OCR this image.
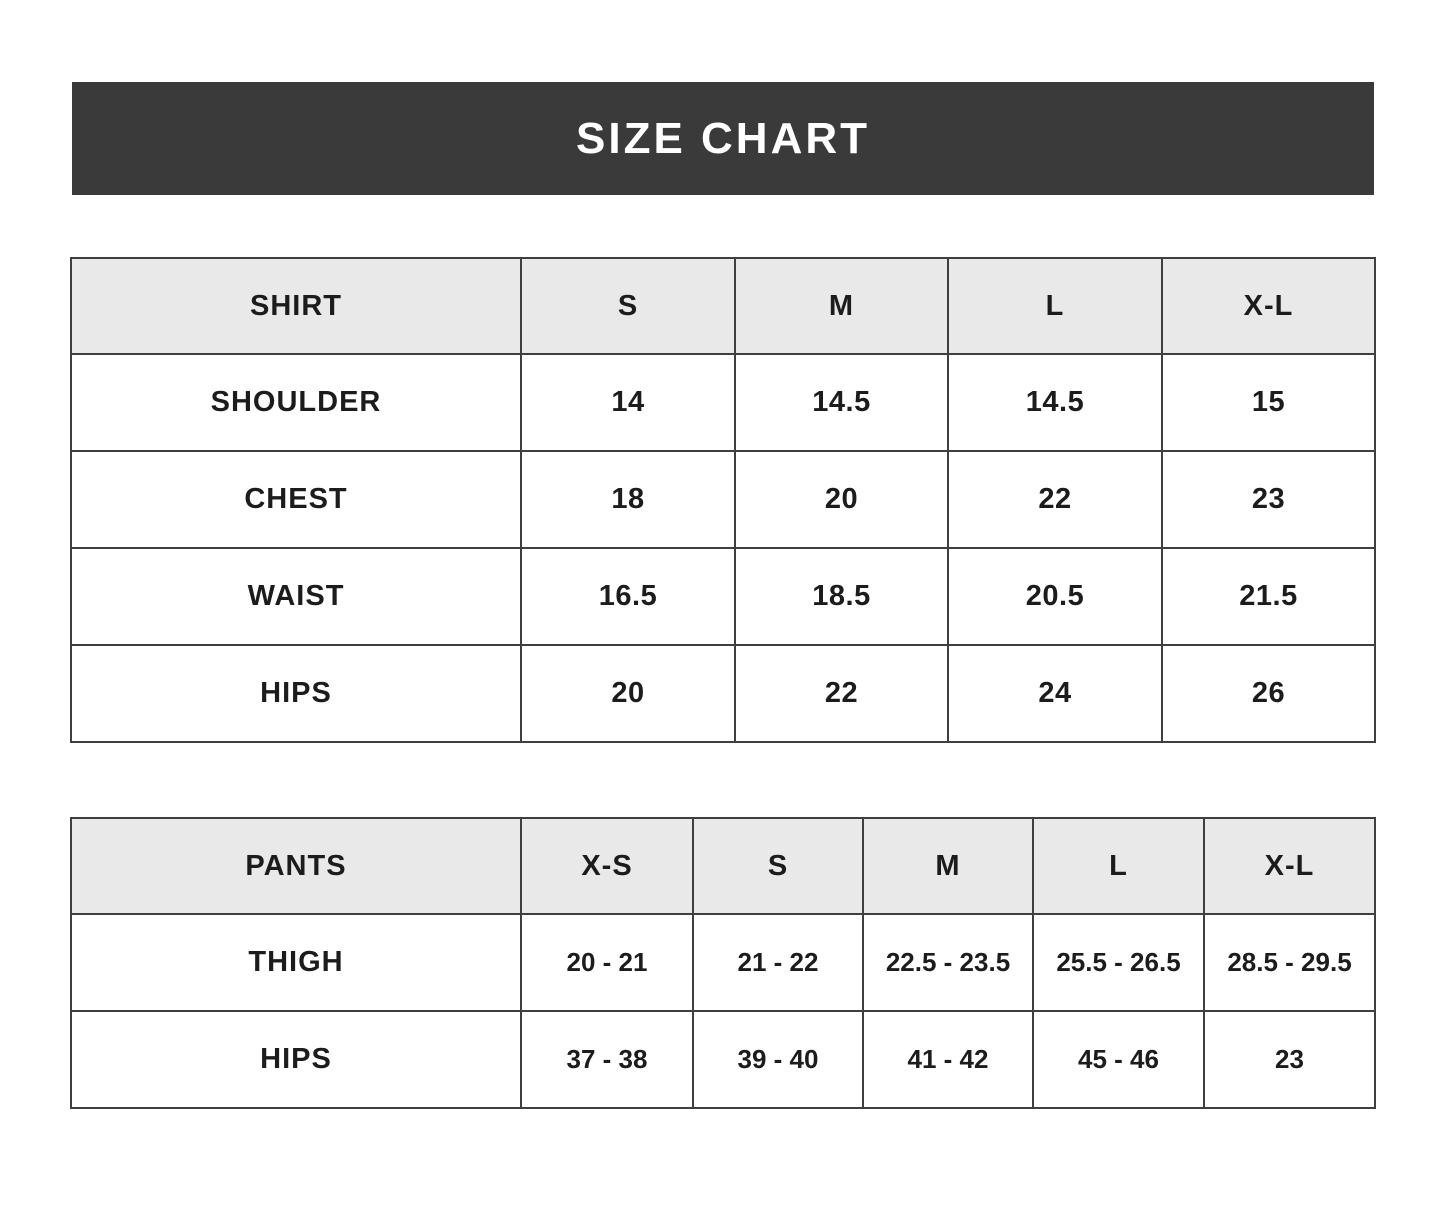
SIZE CHART
SHIRT	S	M	L	X-L
SHOULDER	14	14.5	14.5	15
CHEST	18	20	22	23
WAIST	16.5	18.5	20.5	21.5
HIPS	20	22	24	26
PANTS	X-S	S	M	L	X-L
THIGH	20 - 21	21 - 22	22.5 - 23.5	25.5 - 26.5	28.5 - 29.5
HIPS	37 - 38	39 - 40	41 - 42	45 - 46	23
